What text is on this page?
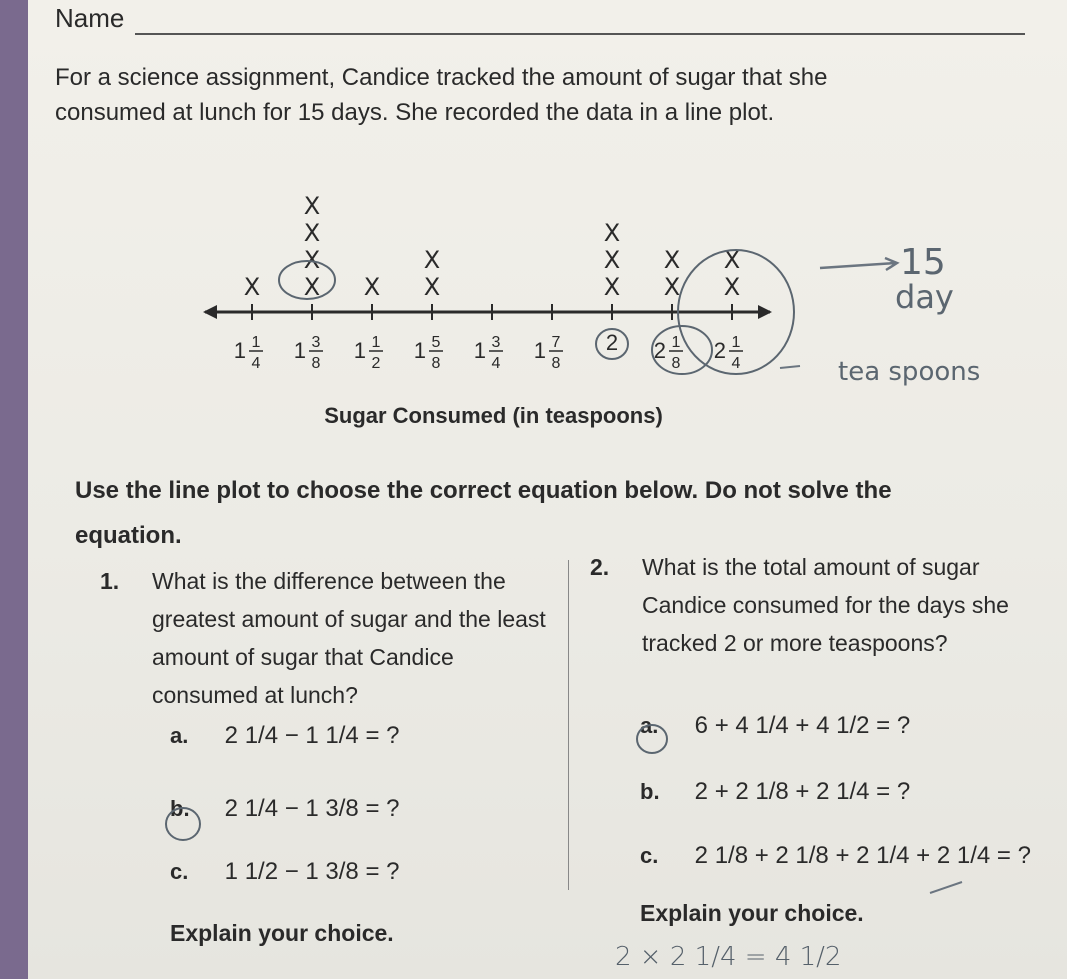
Name
For a science assignment, Candice tracked the amount of sugar that she consumed at lunch for 15 days. She recorded the data in a line plot.
X X
X
X
X
X X
X
X
X
X
X
X
X
X
1 1
4
1 3
8
1 1
2
1 5
8
1 3
4
1 7
8
2 2 1
8
2 1
4
15
day
tea spoons
Sugar Consumed (in teaspoons)
Use the line plot to choose the correct equation below. Do not solve the equation.
1.	What is the difference between the greatest amount of sugar and the least amount of sugar that Candice consumed at lunch?
a. 2 1/4 − 1 1/4 = ?
b. 2 1/4 − 1 3/8 = ?
c. 1 1/2 − 1 3/8 = ?
Explain your choice.
2.	What is the total amount of sugar Candice consumed for the days she tracked 2 or more teaspoons?
a. 6 + 4 1/4 + 4 1/2 = ?
b. 2 + 2 1/8 + 2 1/4 = ?
c. 2 1/8 + 2 1/8 + 2 1/4 + 2 1/4 = ?
Explain your choice.
2 × 2 1/4 = 4 1/2
